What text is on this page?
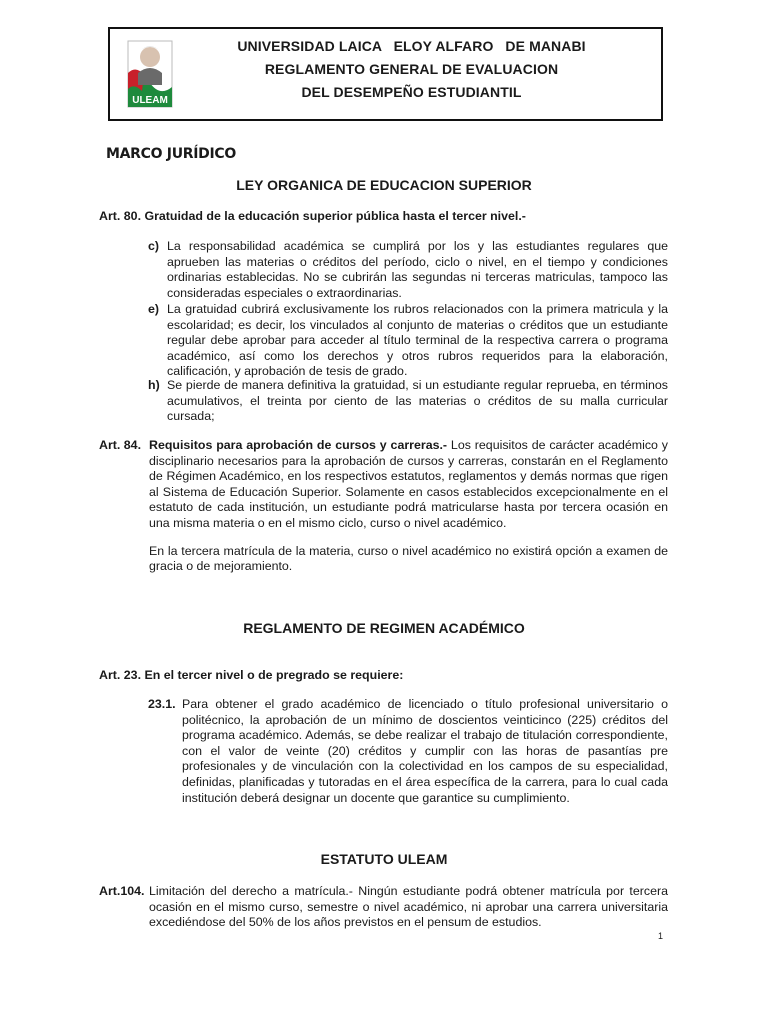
ULEAM
UNIVERSIDAD LAICA   ELOY ALFARO   DE MANABI
REGLAMENTO GENERAL DE EVALUACION
DEL DESEMPEÑO ESTUDIANTIL
MARCO JURÍDICO
LEY ORGANICA DE EDUCACION SUPERIOR
Art. 80. Gratuidad de la educación superior pública hasta el tercer nivel.-
c) La responsabilidad académica se cumplirá por los y las estudiantes regulares que aprueben las materias o créditos del período, ciclo o nivel, en el tiempo y condiciones ordinarias establecidas. No se cubrirán las segundas ni terceras matriculas, tampoco las consideradas especiales o extraordinarias.
e) La gratuidad cubrirá exclusivamente los rubros relacionados con la primera matricula y la escolaridad; es decir, los vinculados al conjunto de materias o créditos que un estudiante regular debe aprobar para acceder al título terminal de la respectiva carrera o programa académico, así como los derechos y otros rubros requeridos para la elaboración, calificación, y aprobación de tesis de grado.
h) Se pierde de manera definitiva la gratuidad, si un estudiante regular reprueba, en términos acumulativos, el treinta por ciento de las materias o créditos de su malla curricular cursada;
Art. 84. Requisitos para aprobación de cursos y carreras.- Los requisitos de carácter académico y disciplinario necesarios para la aprobación de cursos y carreras, constarán en el Reglamento de Régimen Académico, en los respectivos estatutos, reglamentos y demás normas que rigen al Sistema de Educación Superior. Solamente en casos establecidos excepcionalmente en el estatuto de cada institución, un estudiante podrá matricularse hasta por tercera ocasión en una misma materia o en el mismo ciclo, curso o nivel académico.
En la tercera matrícula de la materia, curso o nivel académico no existirá opción a examen de gracia o de mejoramiento.
REGLAMENTO DE REGIMEN ACADÉMICO
Art. 23. En el tercer nivel o de pregrado se requiere:
23.1. Para obtener el grado académico de licenciado o título profesional universitario o politécnico, la aprobación de un mínimo de doscientos veinticinco (225) créditos del programa académico. Además, se debe realizar el trabajo de titulación correspondiente, con el valor de veinte (20) créditos y cumplir con las horas de pasantías pre profesionales y de vinculación con la colectividad en los campos de su especialidad, definidas, planificadas y tutoradas en el área específica de la carrera, para lo cual cada institución deberá designar un docente que garantice su cumplimiento.
ESTATUTO ULEAM
Art.104. Limitación del derecho a matrícula.- Ningún estudiante podrá obtener matrícula por tercera ocasión en el mismo curso, semestre o nivel académico, ni aprobar una carrera universitaria excediéndose del 50% de los años previstos en el pensum de estudios.
1
